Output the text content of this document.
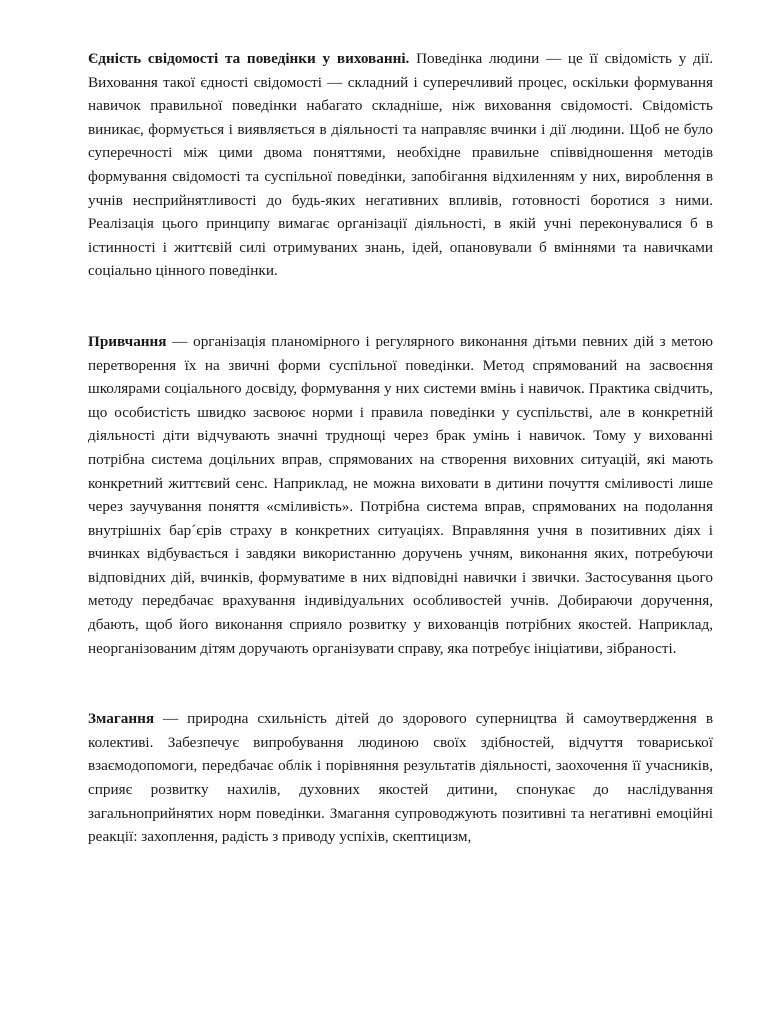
Єдність свідомості та поведінки у вихованні. Поведінка людини — це її свідомість у дії. Виховання такої єдності свідомості — складний і суперечливий процес, оскільки формування навичок правильної поведінки набагато складніше, ніж виховання свідомості. Свідомість виникає, формується і виявляється в діяльності та направляє вчинки і дії людини. Щоб не було суперечності між цими двома поняттями, необхідне правильне співвідношення методів формування свідомості та суспільної поведінки, запобігання відхиленням у них, вироблення в учнів несприйнятливості до будь-яких негативних впливів, готовності боротися з ними. Реалізація цього принципу вимагає організації діяльності, в якій учні переконувалися б в істинності і життєвій силі отримуваних знань, ідей, опановували б вміннями та навичками соціально цінного поведінки.

Привчання — організація планомірного і регулярного виконання дітьми певних дій з метою перетворення їх на звичні форми суспільної поведінки. Метод спрямований на засвоєння школярами соціального досвіду, формування у них системи вмінь і навичок. Практика свідчить, що особистість швидко засвоює норми і правила поведінки у суспільстві, але в конкретній діяльності діти відчувають значні труднощі через брак умінь і навичок. Тому у вихованні потрібна система доцільних вправ, спрямованих на створення виховних ситуацій, які мають конкретний життєвий сенс. Наприклад, не можна виховати в дитини почуття сміливості лише через заучування поняття «сміливість». Потрібна система вправ, спрямованих на подолання внутрішніх бар´єрів страху в конкретних ситуаціях. Вправляння учня в позитивних діях і вчинках відбувається і завдяки використанню доручень учням, виконання яких, потребуючи відповідних дій, вчинків, формуватиме в них відповідні навички і звички. Застосування цього методу передбачає врахування індивідуальних особливостей учнів. Добираючи доручення, дбають, щоб його виконання сприяло розвитку у вихованців потрібних якостей. Наприклад, неорганізованим дітям доручають організувати справу, яка потребує ініціативи, зібраності.

Змагання — природна схильність дітей до здорового суперництва й самоутвердження в колективі. Забезпечує випробування людиною своїх здібностей, відчуття товариської взаємодопомоги, передбачає облік і порівняння результатів діяльності, заохочення її учасників, сприяє розвитку нахилів, духовних якостей дитини, спонукає до наслідування загальноприйнятих норм поведінки. Змагання супроводжують позитивні та негативні емоційні реакції: захоплення, радість з приводу успіхів, скептицизм,
